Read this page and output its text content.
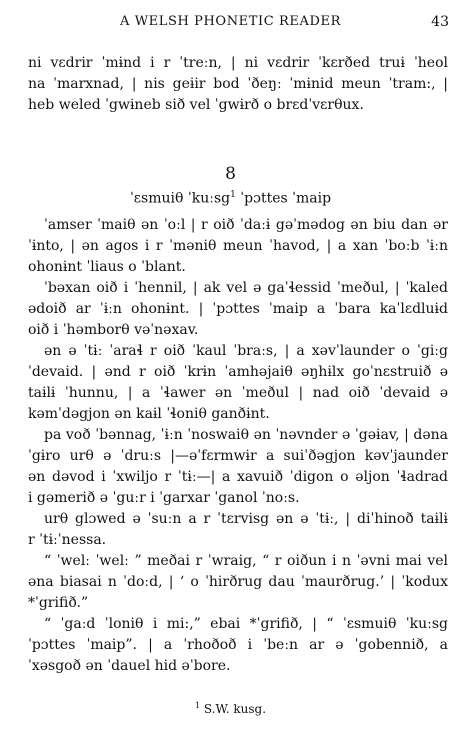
A WELSH PHONETIC READER	43
ni vɛdrir ˈmɨnd i r ˈtreːn, | ni vɛdrir ˈkɛrðed truɨ ˈheol
na ˈmarxnad, | nis geɨir bod ˈðeŋː ˈmɨnid meun ˈtram:, |
heb weled ˈgwɨneb sið vel ˈgwɨrð o brɛdˈvɛrθux.
8
ˈɛsmuiθ ˈkuːsg$^1$ ˈpɔttes ˈmaip
ˈamser ˈmaiθ ən ˈoːl | r oið ˈdaːɨ gəˈmədog ən biu dan ər
ˈɨnto, | ən agos i r ˈməniθ meun ˈhavod, | a xan ˈboːb ˈɨːn
ohonɨnt ˈliaus o ˈblant.
ˈbəxan oið i ˈhennil, | ak vel ə gaˈɬessid ˈmeðul, | ˈkaled
ədoið ar ˈɨːn ohonɨnt. | ˈpɔttes ˈmaip a ˈbara kaˈlɛdluɨd
oið i ˈhəmborθ vəˈnəxav.
ən ə ˈtɨː ˈaraɬ r oið ˈkaul ˈbraːs, | a xəvˈlaunder o ˈgiːg
ˈdevaid. | ənd r oið ˈkrɨn ˈamhəjaiθ əŋhɨlx goˈnɛstruið ə
taɨlɨ ˈhunnu, | a ˈɬawer ən ˈmeðul | nad oið ˈdevaid ə
kəmˈdəgjon ən kaɨl ˈɬoniθ ganðɨnt.
pa voð ˈbənnag, ˈɨːn ˈnoswaiθ ən ˈnəvnder ə ˈgəɨav, | dəna
ˈgɨro urθ ə ˈdruːs |—əˈfɛrmwɨr a suiˈðəgjon kəvˈjaunder
ən dəvod i ˈxwiljo r ˈtɨː—| a xavuið ˈdigon o əljon ˈɬadrad
i gəmerið ə ˈguːr i ˈgarxar ˈganol ˈnoːs.
urθ glɔwed ə ˈsuːn a r ˈtɛrvisg ən ə ˈtɨː, | diˈhinoð taɨlɨ
r ˈtɨːˈnessa.
“ ˈwelː ˈwelː ” meðai r ˈwraig, “ r oiðun i n ˈəvni mai vel
əna biasai n ˈdoːd, | ‘ o ˈhirðrug dau ˈmaurðrug.’ | ˈkodux
*ˈgrifið.”
“ ˈgaːd ˈloniθ i mi:,” ebai *ˈgrifið, | “ ˈɛsmuiθ ˈkuːsg
ˈpɔttes ˈmaip”. | a ˈrhoðoð i ˈbeːn ar ə ˈgobennið, a
ˈxəsgoð ən ˈdauel hid əˈbore.
$^1$ S.W. kusg.
